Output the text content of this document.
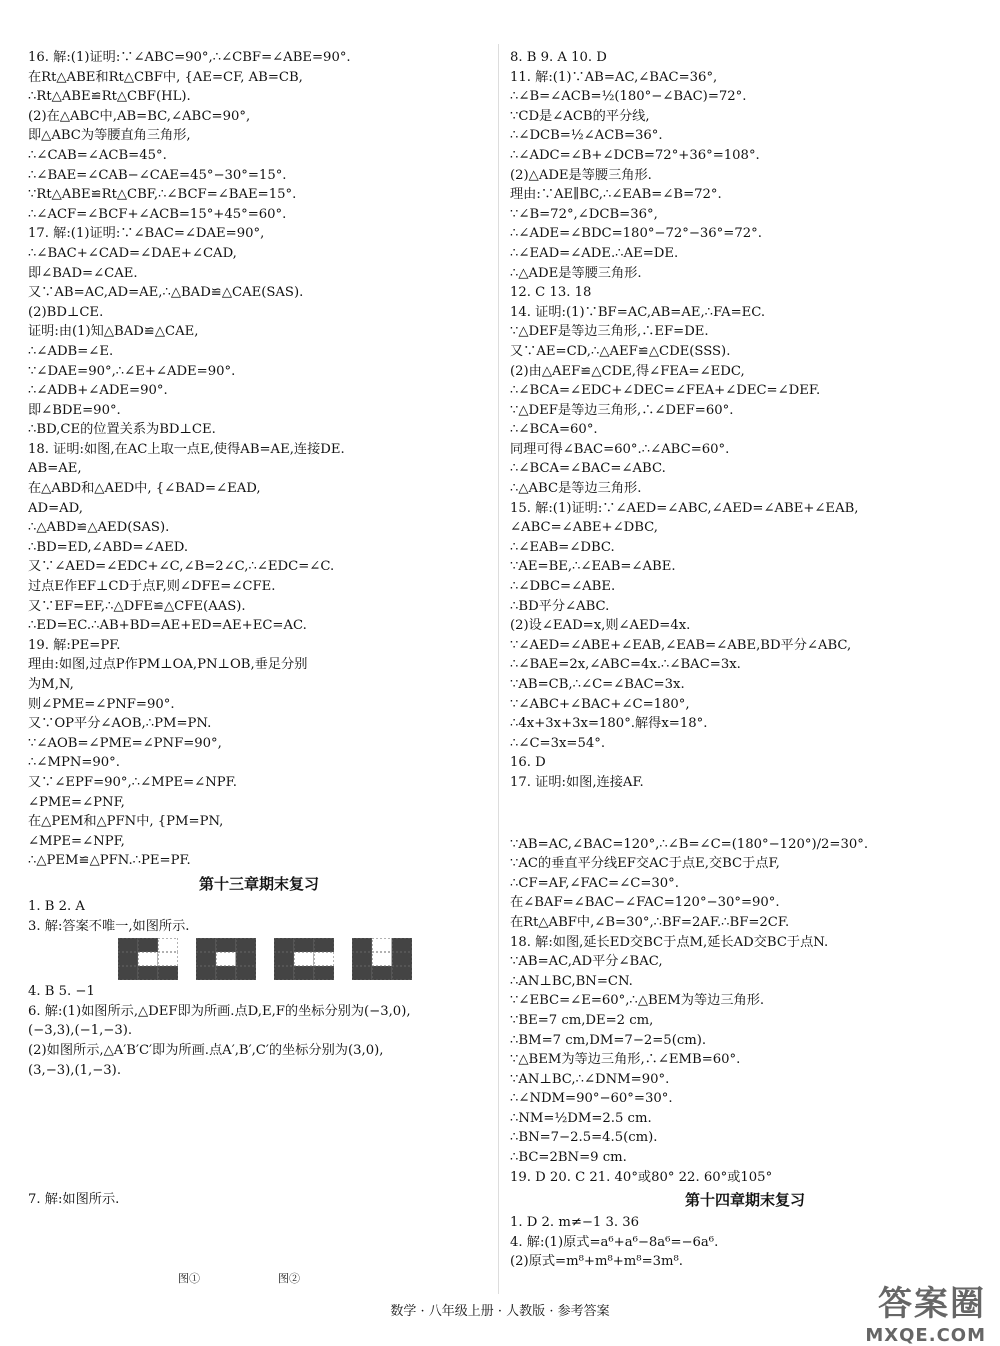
16. 解:(1)证明:∵∠ABC=90°,∴∠CBF=∠ABE=90°.
在Rt△ABE和Rt△CBF中, {AE=CF, AB=CB,
∴Rt△ABE≌Rt△CBF(HL).
(2)在△ABC中,AB=BC,∠ABC=90°,
即△ABC为等腰直角三角形,
∴∠CAB=∠ACB=45°.
∴∠BAE=∠CAB−∠CAE=45°−30°=15°.
∵Rt△ABE≌Rt△CBF,∴∠BCF=∠BAE=15°.
∴∠ACF=∠BCF+∠ACB=15°+45°=60°.
17. 解:(1)证明:∵∠BAC=∠DAE=90°,
∴∠BAC+∠CAD=∠DAE+∠CAD,
即∠BAD=∠CAE.
又∵AB=AC,AD=AE,∴△BAD≌△CAE(SAS).
(2)BD⊥CE.
证明:由(1)知△BAD≌△CAE,
∴∠ADB=∠E.
∵∠DAE=90°,∴∠E+∠ADE=90°.
∴∠ADB+∠ADE=90°.
即∠BDE=90°.
∴BD,CE的位置关系为BD⊥CE.
18. 证明:如图,在AC上取一点E,使得AB=AE,连接DE.
AB=AE,
在△ABD和△AED中, {∠BAD=∠EAD,
AD=AD,
∴△ABD≌△AED(SAS).
∴BD=ED,∠ABD=∠AED.
又∵∠AED=∠EDC+∠C,∠B=2∠C,∴∠EDC=∠C.
过点E作EF⊥CD于点F,则∠DFE=∠CFE.
又∵EF=EF,∴△DFE≌△CFE(AAS).
∴ED=EC.∴AB+BD=AE+ED=AE+EC=AC.
19. 解:PE=PF.
理由:如图,过点P作PM⊥OA,PN⊥OB,垂足分别
为M,N,
则∠PME=∠PNF=90°.
又∵OP平分∠AOB,∴PM=PN.
∵∠AOB=∠PME=∠PNF=90°,
∴∠MPN=90°.
又∵∠EPF=90°,∴∠MPE=∠NPF.
∠PME=∠PNF,
在△PEM和△PFN中, {PM=PN,
∠MPE=∠NPF,
∴△PEM≌△PFN.∴PE=PF.
第十三章期末复习
1. B 2. A
3. 解:答案不唯一,如图所示.
4. B 5. −1
6. 解:(1)如图所示,△DEF即为所画.点D,E,F的坐标分别为(−3,0),
(−3,3),(−1,−3).
(2)如图所示,△A′B′C′即为所画.点A′,B′,C′的坐标分别为(3,0),
(3,−3),(1,−3).
7. 解:如图所示.
图①	图②
8. B 9. A 10. D
11. 解:(1)∵AB=AC,∠BAC=36°,
∴∠B=∠ACB=½(180°−∠BAC)=72°.
∵CD是∠ACB的平分线,
∴∠DCB=½∠ACB=36°.
∴∠ADC=∠B+∠DCB=72°+36°=108°.
(2)△ADE是等腰三角形.
理由:∵AE∥BC,∴∠EAB=∠B=72°.
∵∠B=72°,∠DCB=36°,
∴∠ADE=∠BDC=180°−72°−36°=72°.
∴∠EAD=∠ADE.∴AE=DE.
∴△ADE是等腰三角形.
12. C 13. 18
14. 证明:(1)∵BF=AC,AB=AE,∴FA=EC.
∵△DEF是等边三角形,∴EF=DE.
又∵AE=CD,∴△AEF≌△CDE(SSS).
(2)由△AEF≌△CDE,得∠FEA=∠EDC,
∴∠BCA=∠EDC+∠DEC=∠FEA+∠DEC=∠DEF.
∵△DEF是等边三角形,∴∠DEF=60°.
∴∠BCA=60°.
同理可得∠BAC=60°.∴∠ABC=60°.
∴∠BCA=∠BAC=∠ABC.
∴△ABC是等边三角形.
15. 解:(1)证明:∵∠AED=∠ABC,∠AED=∠ABE+∠EAB,
∠ABC=∠ABE+∠DBC,
∴∠EAB=∠DBC.
∵AE=BE,∴∠EAB=∠ABE.
∴∠DBC=∠ABE.
∴BD平分∠ABC.
(2)设∠EAD=x,则∠AED=4x.
∵∠AED=∠ABE+∠EAB,∠EAB=∠ABE,BD平分∠ABC,
∴∠BAE=2x,∠ABC=4x.∴∠BAC=3x.
∵AB=CB,∴∠C=∠BAC=3x.
∵∠ABC+∠BAC+∠C=180°,
∴4x+3x+3x=180°.解得x=18°.
∴∠C=3x=54°.
16. D
17. 证明:如图,连接AF.
∵AB=AC,∠BAC=120°,∴∠B=∠C=(180°−120°)/2=30°.
∵AC的垂直平分线EF交AC于点E,交BC于点F,
∴CF=AF,∠FAC=∠C=30°.
在∠BAF=∠BAC−∠FAC=120°−30°=90°.
在Rt△ABF中,∠B=30°,∴BF=2AF.∴BF=2CF.
18. 解:如图,延长ED交BC于点M,延长AD交BC于点N.
∵AB=AC,AD平分∠BAC,
∴AN⊥BC,BN=CN.
∵∠EBC=∠E=60°,∴△BEM为等边三角形.
∵BE=7 cm,DE=2 cm,
∴BM=7 cm,DM=7−2=5(cm).
∵△BEM为等边三角形,∴∠EMB=60°.
∵AN⊥BC,∴∠DNM=90°.
∴∠NDM=90°−60°=30°.
∴NM=½DM=2.5 cm.
∴BN=7−2.5=4.5(cm).
∴BC=2BN=9 cm.
19. D 20. C 21. 40°或80° 22. 60°或105°
第十四章期末复习
1. D 2. m≠−1 3. 36
4. 解:(1)原式=a⁶+a⁶−8a⁶=−6a⁶.
(2)原式=m⁸+m⁸+m⁸=3m⁸.
数学 · 八年级上册 · 人教版 · 参考答案	答案圈
MXQE.COM
